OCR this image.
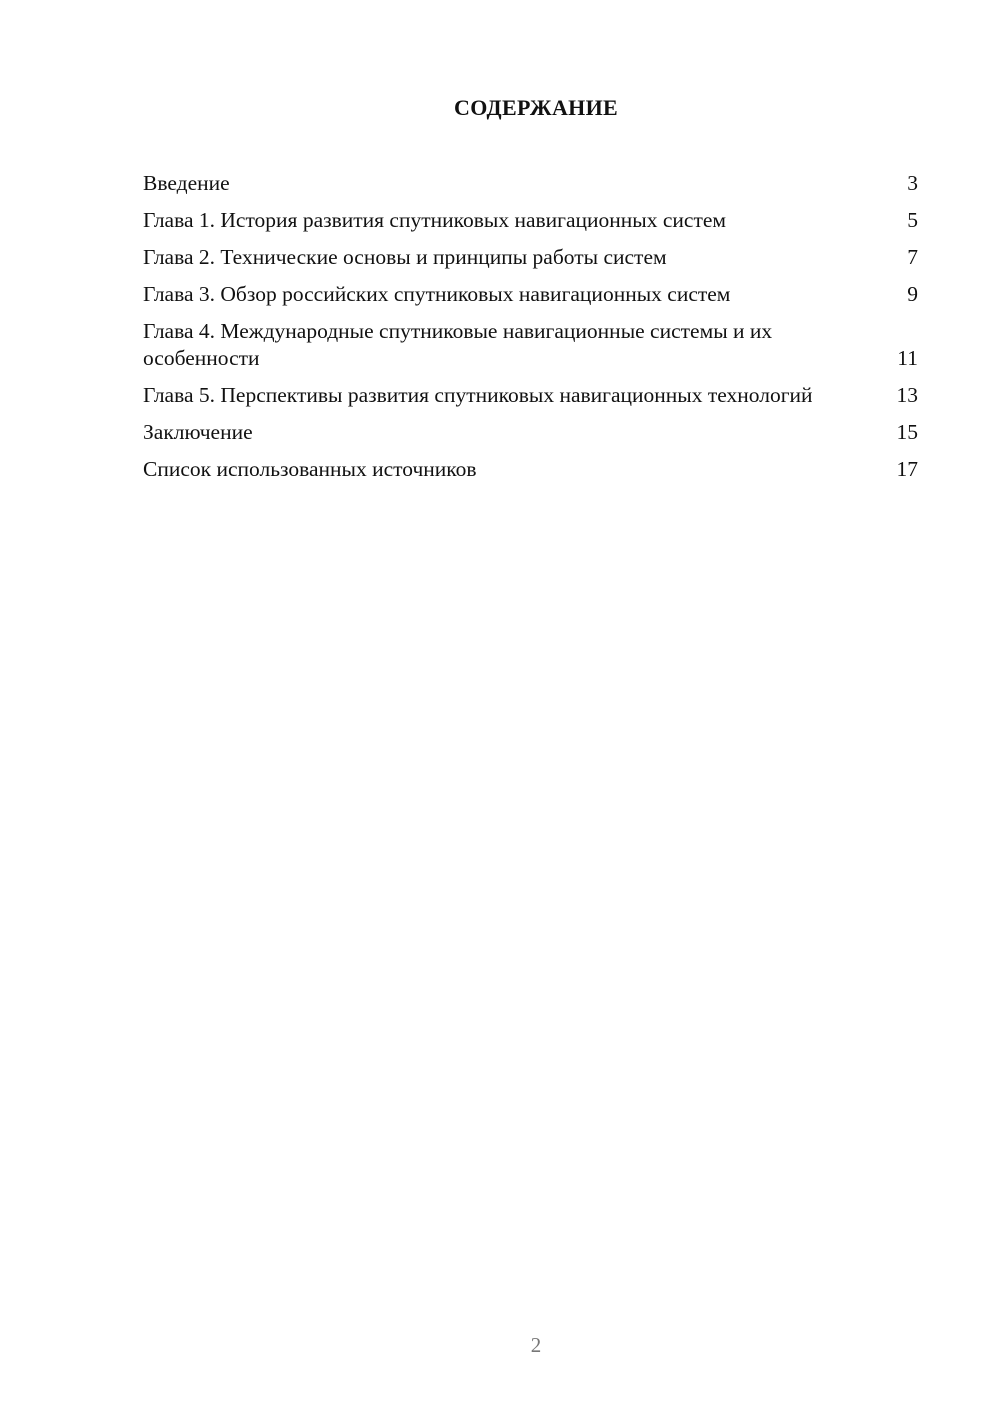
СОДЕРЖАНИЕ
Введение	3
Глава 1. История развития спутниковых навигационных систем	5
Глава 2. Технические основы и принципы работы систем	7
Глава 3. Обзор российских спутниковых навигационных систем	9
Глава 4. Международные спутниковые навигационные системы и их особенности	11
Глава 5. Перспективы развития спутниковых навигационных технологий	13
Заключение	15
Список использованных источников	17
2
